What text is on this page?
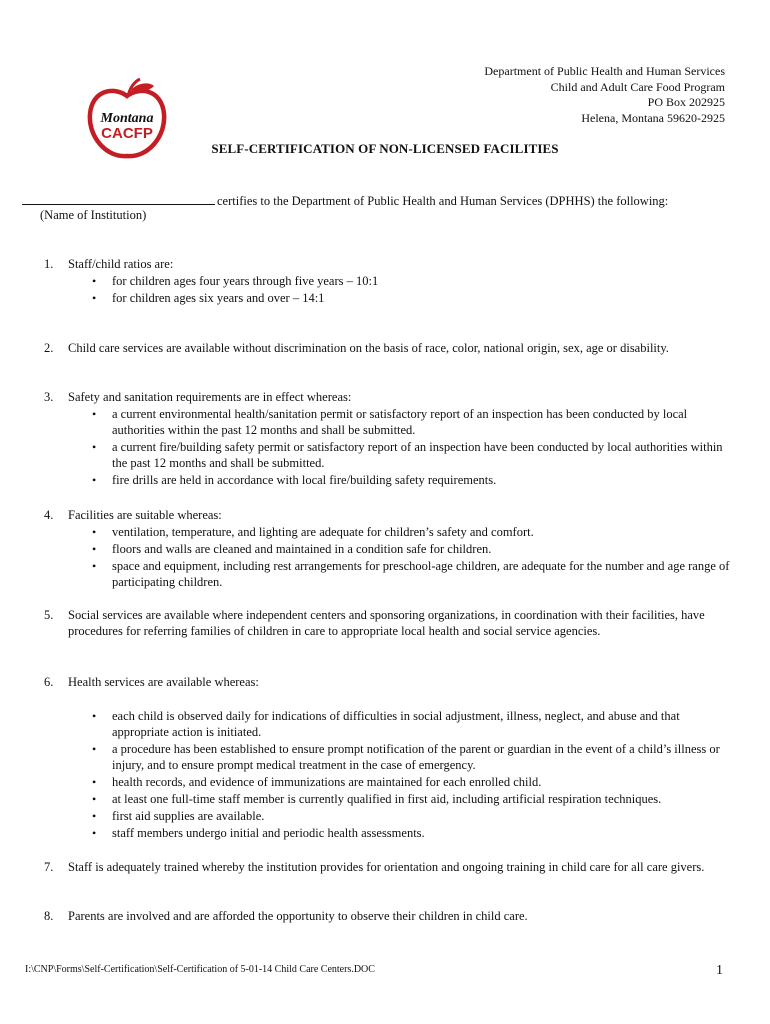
Montana
CACFP
Department of Public Health and Human Services
Child and Adult Care Food Program
PO Box 202925
Helena, Montana 59620-2925
SELF-CERTIFICATION OF NON-LICENSED FACILITIES
certifies to the Department of Public Health and Human Services (DPHHS) the following:
(Name of Institution)
1. Staff/child ratios are:
• for children ages four years through five years – 10:1
• for children ages six years and over – 14:1
2. Child care services are available without discrimination on the basis of race, color, national origin, sex, age or disability.
3. Safety and sanitation requirements are in effect whereas:
• a current environmental health/sanitation permit or satisfactory report of an inspection has been conducted by local authorities within the past 12 months and shall be submitted.
• a current fire/building safety permit or satisfactory report of an inspection have been conducted by local authorities within the past 12 months and shall be submitted.
• fire drills are held in accordance with local fire/building safety requirements.
4. Facilities are suitable whereas:
• ventilation, temperature, and lighting are adequate for children’s safety and comfort.
• floors and walls are cleaned and maintained in a condition safe for children.
• space and equipment, including rest arrangements for preschool-age children, are adequate for the number and age range of participating children.
5. Social services are available where independent centers and sponsoring organizations, in coordination with their facilities, have procedures for referring families of children in care to appropriate local health and social service agencies.
6. Health services are available whereas:
• each child is observed daily for indications of difficulties in social adjustment, illness, neglect, and abuse and that appropriate action is initiated.
• a procedure has been established to ensure prompt notification of the parent or guardian in the event of a child’s illness or injury, and to ensure prompt medical treatment in the case of emergency.
• health records, and evidence of immunizations are maintained for each enrolled child.
• at least one full-time staff member is currently qualified in first aid, including artificial respiration techniques.
• first aid supplies are available.
• staff members undergo initial and periodic health assessments.
7. Staff is adequately trained whereby the institution provides for orientation and ongoing training in child care for all care givers.
8. Parents are involved and are afforded the opportunity to observe their children in child care.
I:\CNP\Forms\Self-Certification\Self-Certification of 5-01-14 Child Care Centers.DOC	1
